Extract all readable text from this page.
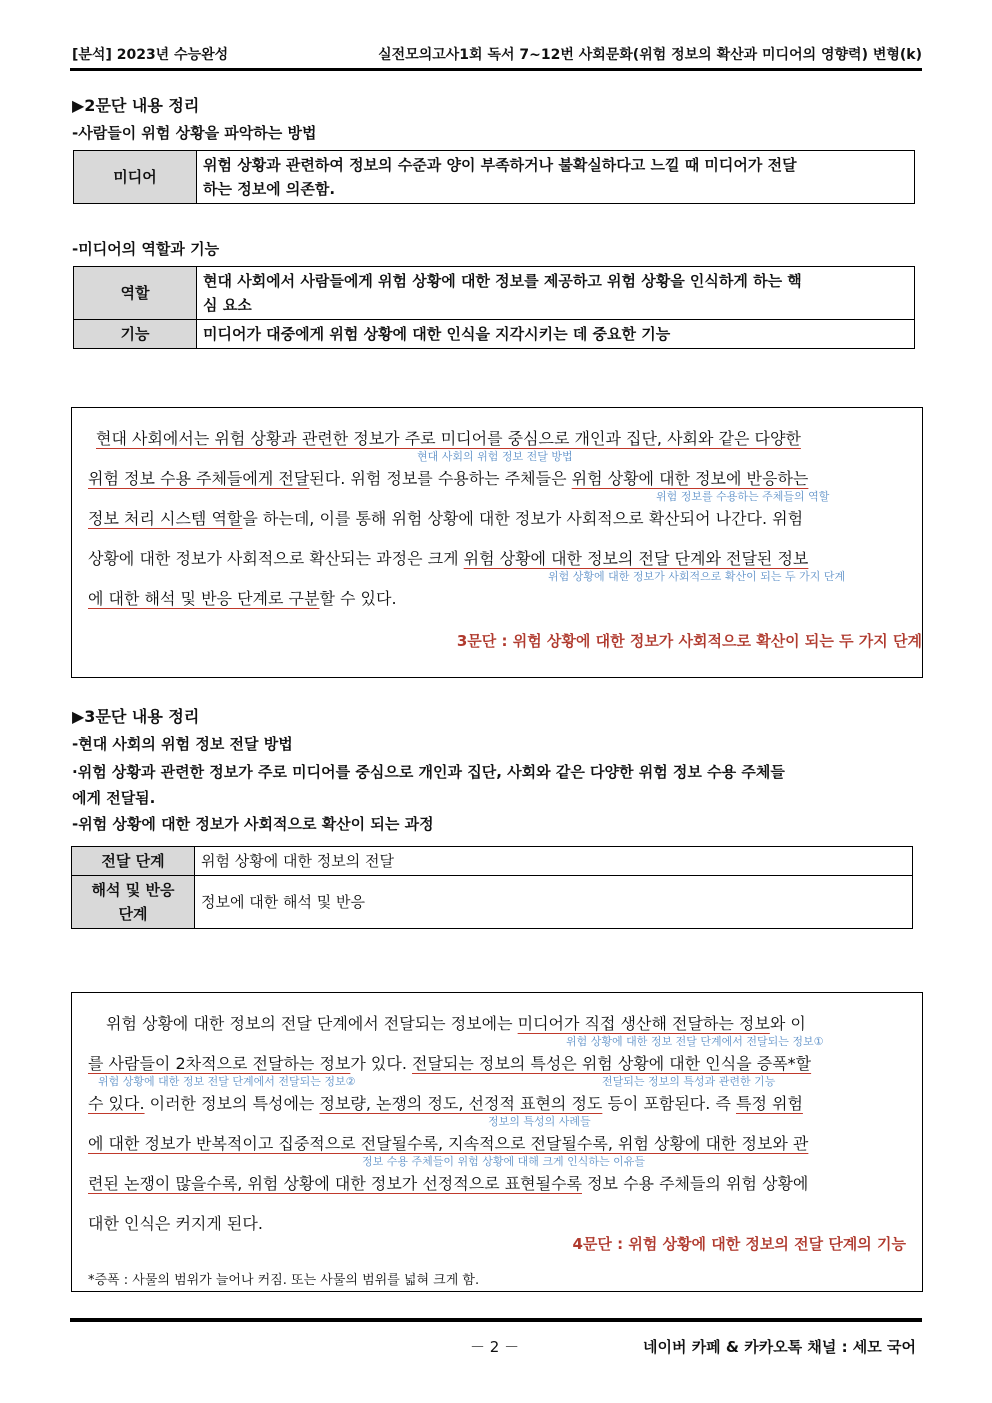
[분석] 2023년 수능완성	실전모의고사1회 독서 7~12번 사회문화(위험 정보의 확산과 미디어의 영향력) 변형(k)
▶2문단 내용 정리
-사람들이 위험 상황을 파악하는 방법
미디어	위험 상황과 관련하여 정보의 수준과 양이 부족하거나 불확실하다고 느낄 때 미디어가 전달
하는 정보에 의존함.
-미디어의 역할과 기능
역할	현대 사회에서 사람들에게 위험 상황에 대한 정보를 제공하고 위험 상황을 인식하게 하는 핵
심 요소
기능	미디어가 대중에게 위험 상황에 대한 인식을 지각시키는 데 중요한 기능
현대 사회에서는 위험 상황과 관련한 정보가 주로 미디어를 중심으로 개인과 집단, 사회와 같은 다양한
현대 사회의 위험 정보 전달 방법
위험 정보 수용 주체들에게 전달된다. 위험 정보를 수용하는 주체들은 위험 상황에 대한 정보에 반응하는
위험 정보를 수용하는 주체들의 역할
정보 처리 시스템 역할을 하는데, 이를 통해 위험 상황에 대한 정보가 사회적으로 확산되어 나간다. 위험
상황에 대한 정보가 사회적으로 확산되는 과정은 크게 위험 상황에 대한 정보의 전달 단계와 전달된 정보
위험 상황에 대한 정보가 사회적으로 확산이 되는 두 가지 단계
에 대한 해석 및 반응 단계로 구분할 수 있다.
3문단 : 위험 상황에 대한 정보가 사회적으로 확산이 되는 두 가지 단계
▶3문단 내용 정리
-현대 사회의 위험 정보 전달 방법
·위험 상황과 관련한 정보가 주로 미디어를 중심으로 개인과 집단, 사회와 같은 다양한 위험 정보 수용 주체들
에게 전달됨.
-위험 상황에 대한 정보가 사회적으로 확산이 되는 과정
전달 단계	위험 상황에 대한 정보의 전달
해석 및 반응
단계	정보에 대한 해석 및 반응
위험 상황에 대한 정보의 전달 단계에서 전달되는 정보에는 미디어가 직접 생산해 전달하는 정보와 이
위험 상황에 대한 정보 전달 단계에서 전달되는 정보①
를 사람들이 2차적으로 전달하는 정보가 있다. 전달되는 정보의 특성은 위험 상황에 대한 인식을 증폭*할
위험 상황에 대한 정보 전달 단계에서 전달되는 정보②	전달되는 정보의 특성과 관련한 기능
수 있다. 이러한 정보의 특성에는 정보량, 논쟁의 정도, 선정적 표현의 정도 등이 포함된다. 즉 특정 위험
정보의 특성의 사례들
에 대한 정보가 반복적이고 집중적으로 전달될수록, 지속적으로 전달될수록, 위험 상황에 대한 정보와 관
정보 수용 주체들이 위험 상황에 대해 크게 인식하는 이유들
련된 논쟁이 많을수록, 위험 상황에 대한 정보가 선정적으로 표현될수록 정보 수용 주체들의 위험 상황에
대한 인식은 커지게 된다.
4문단 : 위험 상황에 대한 정보의 전달 단계의 기능
*증폭 : 사물의 범위가 늘어나 커짐. 또는 사물의 범위를 넓혀 크게 함.
－ 2 －	네이버 카페 & 카카오톡 채널 : 세모 국어
